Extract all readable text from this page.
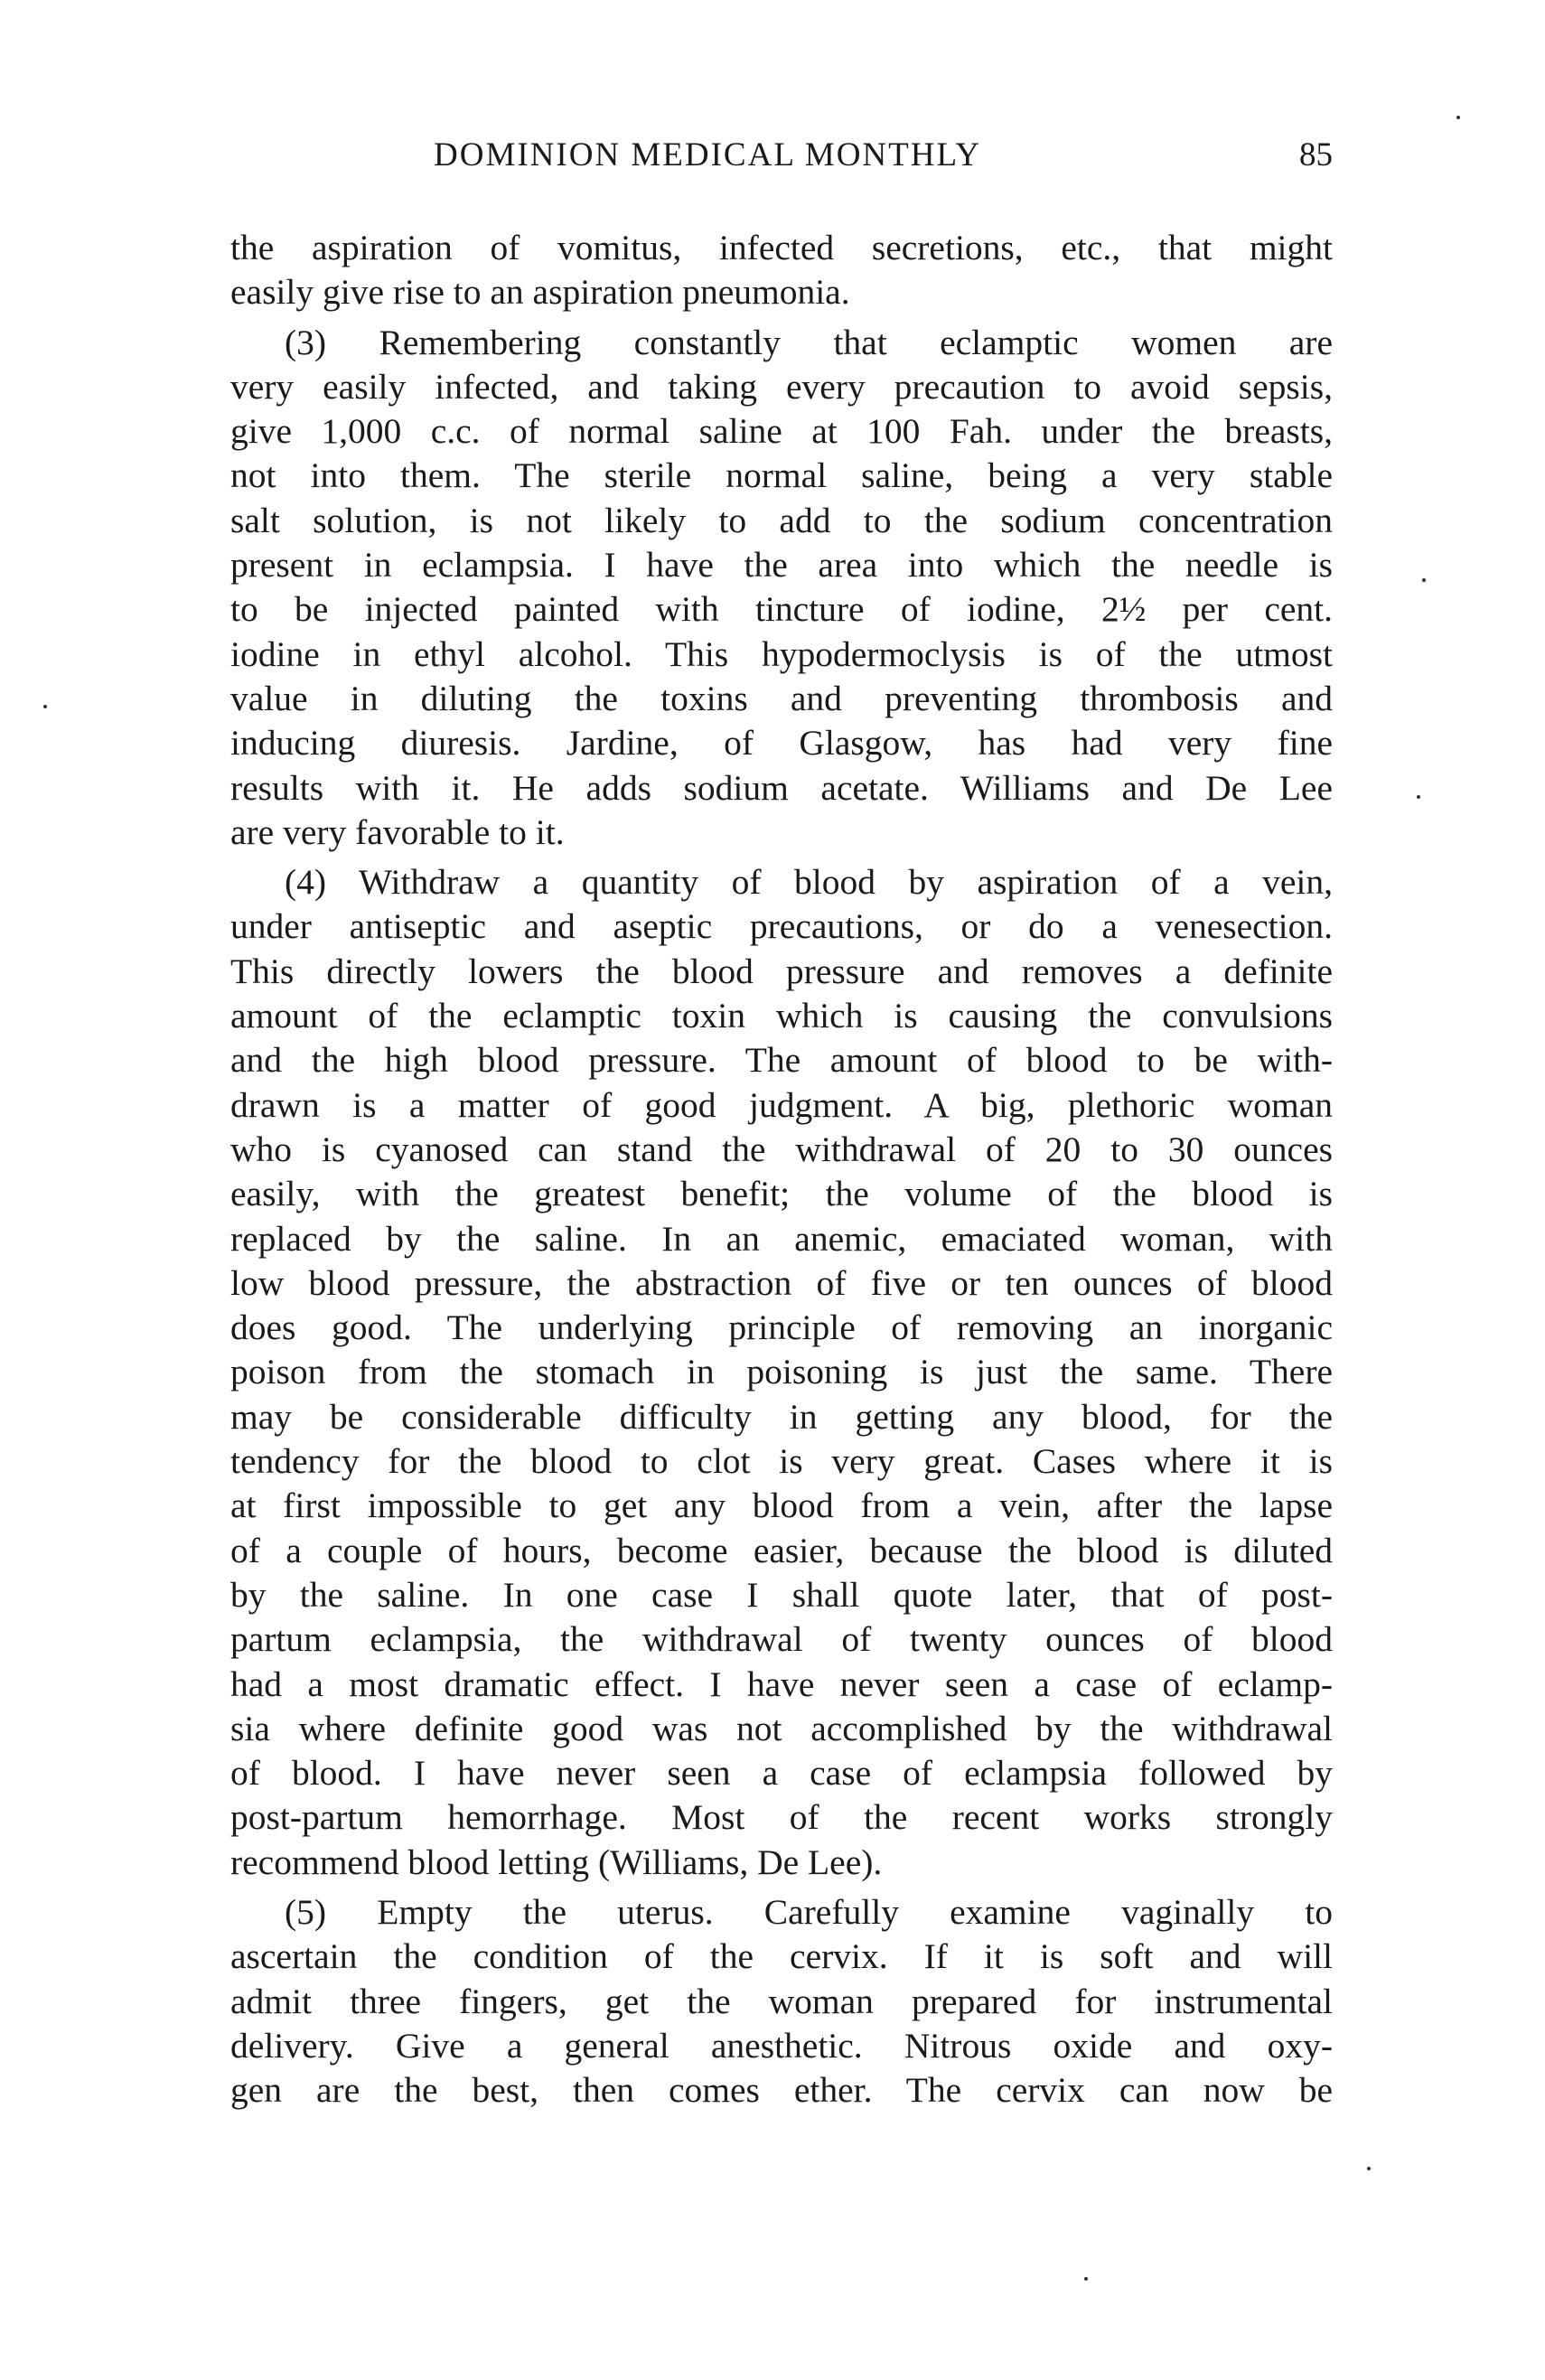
DOMINION MEDICAL MONTHLY	85

the aspiration of vomitus, infected secretions, etc., that might
easily give rise to an aspiration pneumonia.

(3) Remembering constantly that eclamptic women are
very easily infected, and taking every precaution to avoid sepsis,
give 1,000 c.c. of normal saline at 100 Fah. under the breasts,
not into them. The sterile normal saline, being a very stable
salt solution, is not likely to add to the sodium concentration
present in eclampsia. I have the area into which the needle is
to be injected painted with tincture of iodine, 2½ per cent.
iodine in ethyl alcohol. This hypodermoclysis is of the utmost
value in diluting the toxins and preventing thrombosis and
inducing diuresis. Jardine, of Glasgow, has had very fine
results with it. He adds sodium acetate. Williams and De Lee
are very favorable to it.

(4) Withdraw a quantity of blood by aspiration of a vein,
under antiseptic and aseptic precautions, or do a venesection.
This directly lowers the blood pressure and removes a definite
amount of the eclamptic toxin which is causing the convulsions
and the high blood pressure. The amount of blood to be with-
drawn is a matter of good judgment. A big, plethoric woman
who is cyanosed can stand the withdrawal of 20 to 30 ounces
easily, with the greatest benefit; the volume of the blood is
replaced by the saline. In an anemic, emaciated woman, with
low blood pressure, the abstraction of five or ten ounces of blood
does good. The underlying principle of removing an inorganic
poison from the stomach in poisoning is just the same. There
may be considerable difficulty in getting any blood, for the
tendency for the blood to clot is very great. Cases where it is
at first impossible to get any blood from a vein, after the lapse
of a couple of hours, become easier, because the blood is diluted
by the saline. In one case I shall quote later, that of post-
partum eclampsia, the withdrawal of twenty ounces of blood
had a most dramatic effect. I have never seen a case of eclamp-
sia where definite good was not accomplished by the withdrawal
of blood. I have never seen a case of eclampsia followed by
post-partum hemorrhage. Most of the recent works strongly
recommend blood letting (Williams, De Lee).

(5) Empty the uterus. Carefully examine vaginally to
ascertain the condition of the cervix. If it is soft and will
admit three fingers, get the woman prepared for instrumental
delivery. Give a general anesthetic. Nitrous oxide and oxy-
gen are the best, then comes ether. The cervix can now be
